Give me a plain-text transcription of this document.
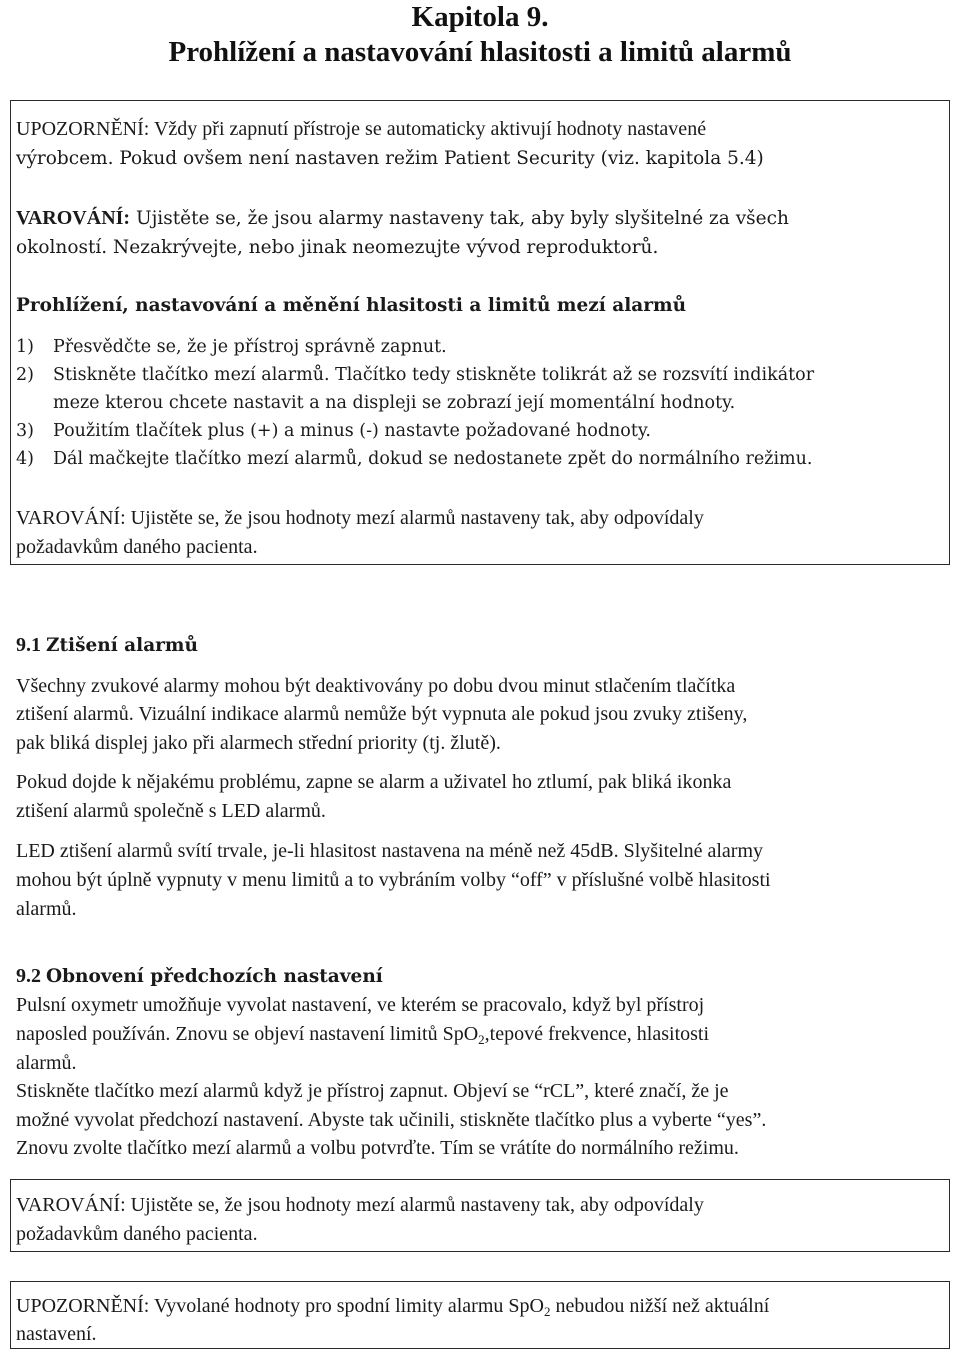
Kapitola 9.
Prohlížení a nastavování hlasitosti a limitů alarmů
UPOZORNĚNÍ: Vždy při zapnutí přístroje se automaticky aktivují hodnoty nastavené
výrobcem. Pokud ovšem není nastaven režim Patient Security (viz. kapitola 5.4)
VAROVÁNÍ: Ujistěte se, že jsou alarmy nastaveny tak, aby byly slyšitelné za všech
okolností. Nezakrývejte, nebo jinak neomezujte vývod reproduktorů.
Prohlížení, nastavování a měnění hlasitosti a limitů mezí alarmů
1) Přesvědčte se, že je přístroj správně zapnut.
2) Stiskněte tlačítko mezí alarmů. Tlačítko tedy stiskněte tolikrát až se rozsvítí indikátor
meze kterou chcete nastavit a na displeji se zobrazí její momentální hodnoty.
3) Použitím tlačítek plus (+) a minus (-) nastavte požadované hodnoty.
4) Dál mačkejte tlačítko mezí alarmů, dokud se nedostanete zpět do normálního režimu.
VAROVÁNÍ: Ujistěte se, že jsou hodnoty mezí alarmů nastaveny tak, aby odpovídaly
požadavkům daného pacienta.
9.1 Ztišení alarmů
Všechny zvukové alarmy mohou být deaktivovány po dobu dvou minut stlačením tlačítka
ztišení alarmů. Vizuální indikace alarmů nemůže být vypnuta ale pokud jsou zvuky ztišeny,
pak bliká displej jako při alarmech střední priority (tj. žlutě).
Pokud dojde k nějakému problému, zapne se alarm a uživatel ho ztlumí, pak bliká ikonka
ztišení alarmů společně s LED alarmů.
LED ztišení alarmů svítí trvale, je-li hlasitost nastavena na méně než 45dB. Slyšitelné alarmy
mohou být úplně vypnuty v menu limitů a to vybráním volby “off” v příslušné volbě hlasitosti
alarmů.
9.2 Obnovení předchozích nastavení
Pulsní oxymetr umožňuje vyvolat nastavení, ve kterém se pracovalo, když byl přístroj
naposled používán. Znovu se objeví nastavení limitů SpO$_2$,tepové frekvence, hlasitosti
alarmů.
Stiskněte tlačítko mezí alarmů když je přístroj zapnut. Objeví se “rCL”, které značí, že je
možné vyvolat předchozí nastavení. Abyste tak učinili, stiskněte tlačítko plus a vyberte “yes”.
Znovu zvolte tlačítko mezí alarmů a volbu potvrďte. Tím se vrátíte do normálního režimu.
VAROVÁNÍ: Ujistěte se, že jsou hodnoty mezí alarmů nastaveny tak, aby odpovídaly
požadavkům daného pacienta.
UPOZORNĚNÍ: Vyvolané hodnoty pro spodní limity alarmu SpO$_2$ nebudou nižší než aktuální
nastavení.
